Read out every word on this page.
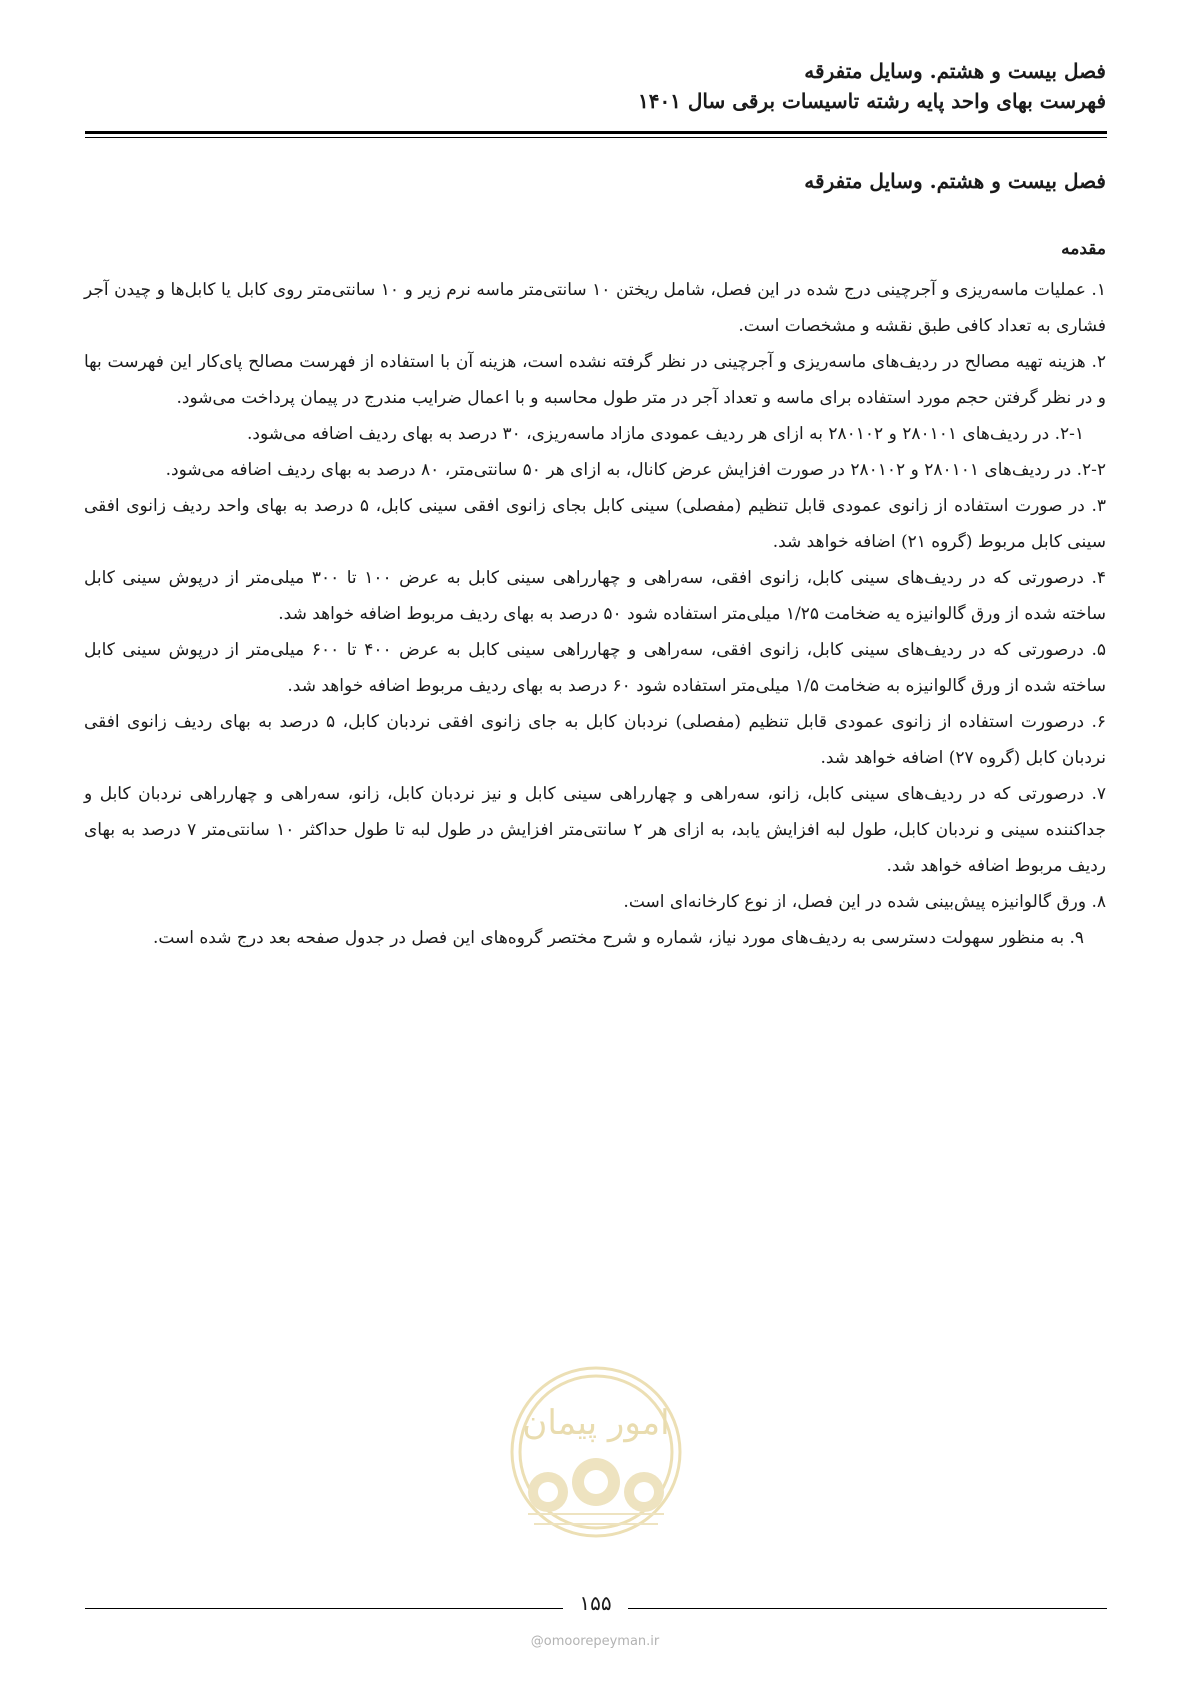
فصل بیست و هشتم. وسایل متفرقه
فهرست بهای واحد پایه رشته تاسیسات برقی سال ۱۴۰۱
فصل بیست و هشتم. وسایل متفرقه
مقدمه

۱. عملیات ماسه‌ریزی و آجرچینی درج شده در این فصل، شامل ریختن ۱۰ سانتی‌متر ماسه نرم زیر و ۱۰ سانتی‌متر روی کابل یا کابل‌ها و چیدن آجر فشاری به تعداد کافی طبق نقشه و مشخصات است.

۲. هزینه تهیه مصالح در ردیف‌های ماسه‌ریزی و آجرچینی در نظر گرفته نشده است، هزینه آن با استفاده از فهرست مصالح پای‌کار این فهرست بها و در نظر گرفتن حجم مورد استفاده برای ماسه و تعداد آجر در متر طول محاسبه و با اعمال ضرایب مندرج در پیمان پرداخت می‌شود.

۲-۱. در ردیف‌های ۲۸۰۱۰۱ و ۲۸۰۱۰۲ به ازای هر ردیف عمودی مازاد ماسه‌ریزی، ۳۰ درصد به بهای ردیف اضافه می‌شود.

۲-۲. در ردیف‌های ۲۸۰۱۰۱ و ۲۸۰۱۰۲ در صورت افزایش عرض کانال، به ازای هر ۵۰ سانتی‌متر، ۸۰ درصد به بهای ردیف اضافه می‌شود.

۳. در صورت استفاده از زانوی عمودی قابل تنظیم (مفصلی) سینی کابل بجای زانوی افقی سینی کابل، ۵ درصد به بهای واحد ردیف زانوی افقی سینی کابل مربوط (گروه ۲۱) اضافه خواهد شد.

۴. درصورتی که در ردیف‌های سینی کابل، زانوی افقی، سه‌راهی و چهارراهی سینی کابل به عرض ۱۰۰ تا ۳۰۰ میلی‌متر از درپوش سینی کابل ساخته شده از ورق گالوانیزه یه ضخامت ۱/۲۵ میلی‌متر استفاده شود ۵۰ درصد به بهای ردیف مربوط اضافه خواهد شد.

۵. درصورتی که در ردیف‌های سینی کابل، زانوی افقی، سه‌راهی و چهارراهی سینی کابل به عرض ۴۰۰ تا ۶۰۰ میلی‌متر از درپوش سینی کابل ساخته شده از ورق گالوانیزه به ضخامت ۱/۵ میلی‌متر استفاده شود ۶۰ درصد به بهای ردیف مربوط اضافه خواهد شد.

۶. درصورت استفاده از زانوی عمودی قابل تنظیم (مفصلی) نردبان کابل به جای زانوی افقی نردبان کابل، ۵ درصد به بهای ردیف زانوی افقی نردبان کابل (گروه ۲۷) اضافه خواهد شد.

۷. درصورتی که در ردیف‌های سینی کابل، زانو، سه‌راهی و چهارراهی سینی کابل و نیز نردبان کابل، زانو، سه‌راهی و چهارراهی نردبان کابل و جداکننده سینی و نردبان کابل، طول لبه افزایش یابد، به ازای هر ۲ سانتی‌متر افزایش در طول لبه تا طول حداکثر ۱۰ سانتی‌متر ۷ درصد به بهای ردیف مربوط اضافه خواهد شد.

۸. ورق گالوانیزه پیش‌بینی شده در این فصل، از نوع کارخانه‌ای است.

۹. به منظور سهولت دسترسی به ردیف‌های مورد نیاز، شماره و شرح مختصر گروه‌های این فصل در جدول صفحه بعد درج شده است.

امور پیمان
۱۵۵
@omoorepeyman.ir
